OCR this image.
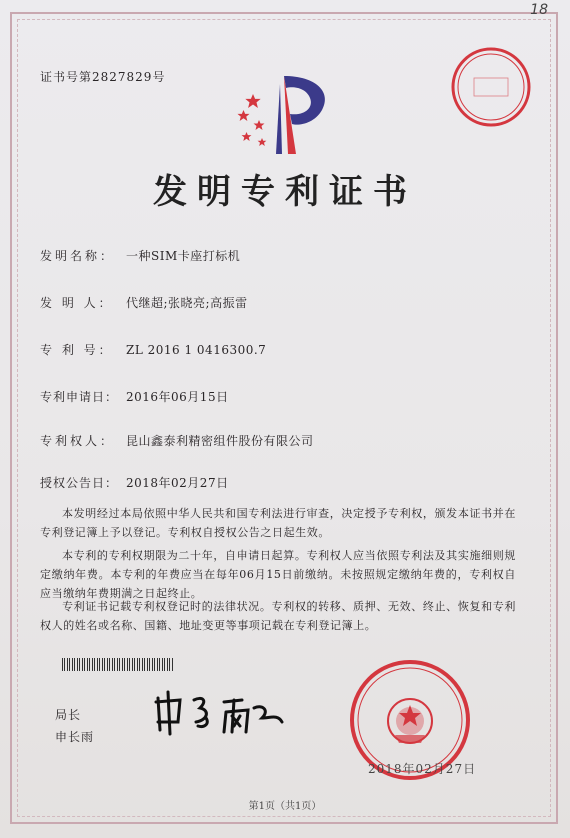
18
证书号第2827829号
发明专利证书
发明名称： 一种SIM卡座打标机
发 明 人： 代继超;张晓亮;高振雷
专 利 号： ZL 2016 1 0416300.7
专利申请日： 2016年06月15日
专利权人： 昆山鑫泰利精密组件股份有限公司
授权公告日： 2018年02月27日

本发明经过本局依照中华人民共和国专利法进行审查，决定授予专利权，颁发本证书并在专利登记簿上予以登记。专利权自授权公告之日起生效。

本专利的专利权期限为二十年，自申请日起算。专利权人应当依照专利法及其实施细则规定缴纳年费。本专利的年费应当在每年06月15日前缴纳。未按照规定缴纳年费的，专利权自应当缴纳年费期满之日起终止。

专利证书记载专利权登记时的法律状况。专利权的转移、质押、无效、终止、恢复和专利权人的姓名或名称、国籍、地址变更等事项记载在专利登记簿上。

局长
申长雨
2018年02月27日
第1页（共1页）
